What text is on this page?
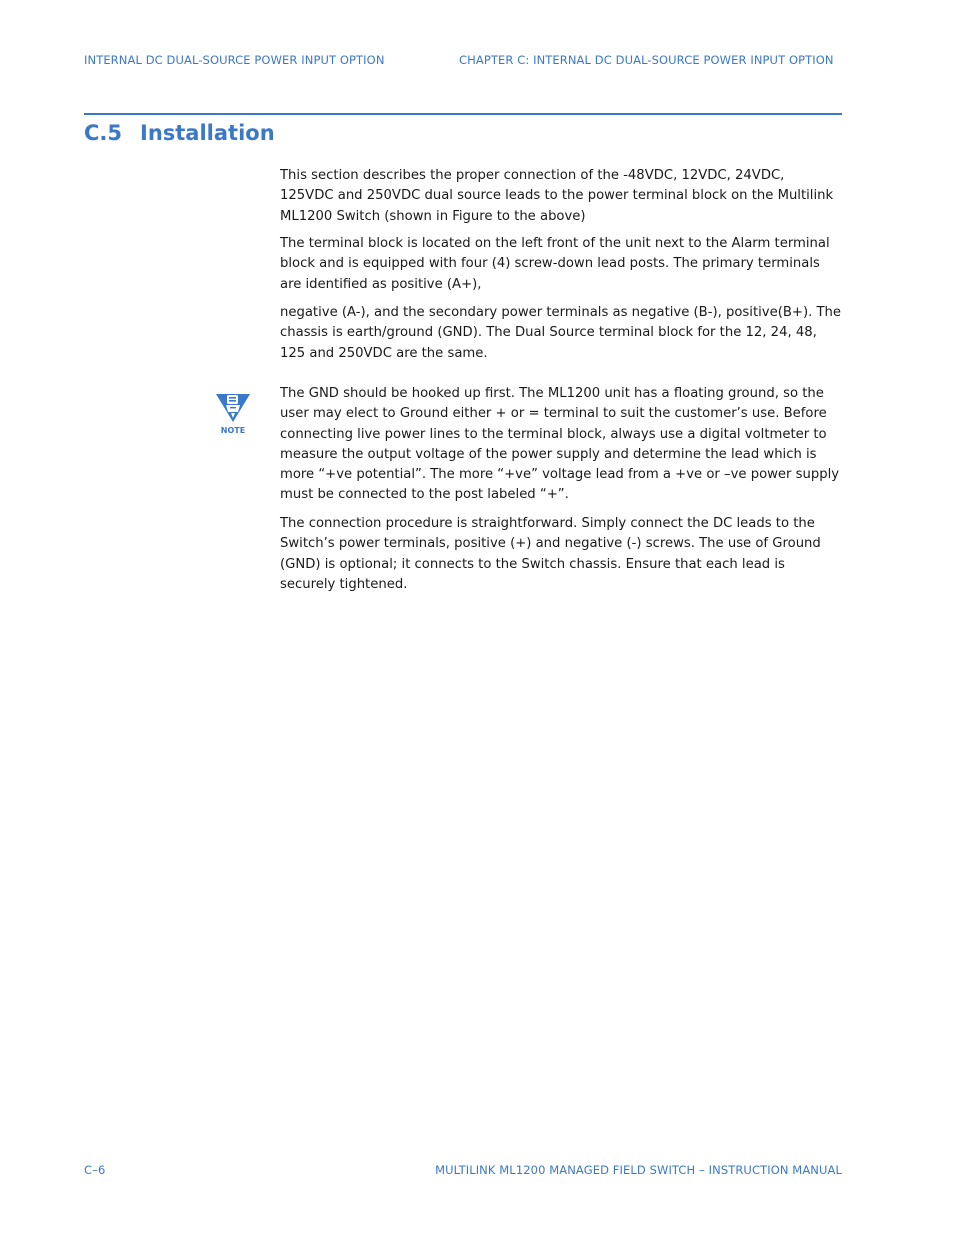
INTERNAL DC DUAL-SOURCE POWER INPUT OPTION	CHAPTER C: INTERNAL DC DUAL-SOURCE POWER INPUT OPTION
C.5 Installation

This section describes the proper connection of the -48VDC, 12VDC, 24VDC, 125VDC and 250VDC dual source leads to the power terminal block on the Multilink ML1200 Switch (shown in Figure to the above)

The terminal block is located on the left front of the unit next to the Alarm terminal block and is equipped with four (4) screw-down lead posts. The primary terminals are identified as positive (A+),

negative (A-), and the secondary power terminals as negative (B-), positive(B+). The chassis is earth/ground (GND). The Dual Source terminal block for the 12, 24, 48, 125 and 250VDC are the same.

NOTE

The GND should be hooked up first. The ML1200 unit has a floating ground, so the user may elect to Ground either + or = terminal to suit the customer’s use. Before connecting live power lines to the terminal block, always use a digital voltmeter to measure the output voltage of the power supply and determine the lead which is more “+ve potential”. The more “+ve” voltage lead from a +ve or –ve power supply must be connected to the post labeled “+”.

The connection procedure is straightforward. Simply connect the DC leads to the Switch’s power terminals, positive (+) and negative (-) screws. The use of Ground (GND) is optional; it connects to the Switch chassis. Ensure that each lead is securely tightened.

C–6	MULTILINK ML1200 MANAGED FIELD SWITCH – INSTRUCTION MANUAL
